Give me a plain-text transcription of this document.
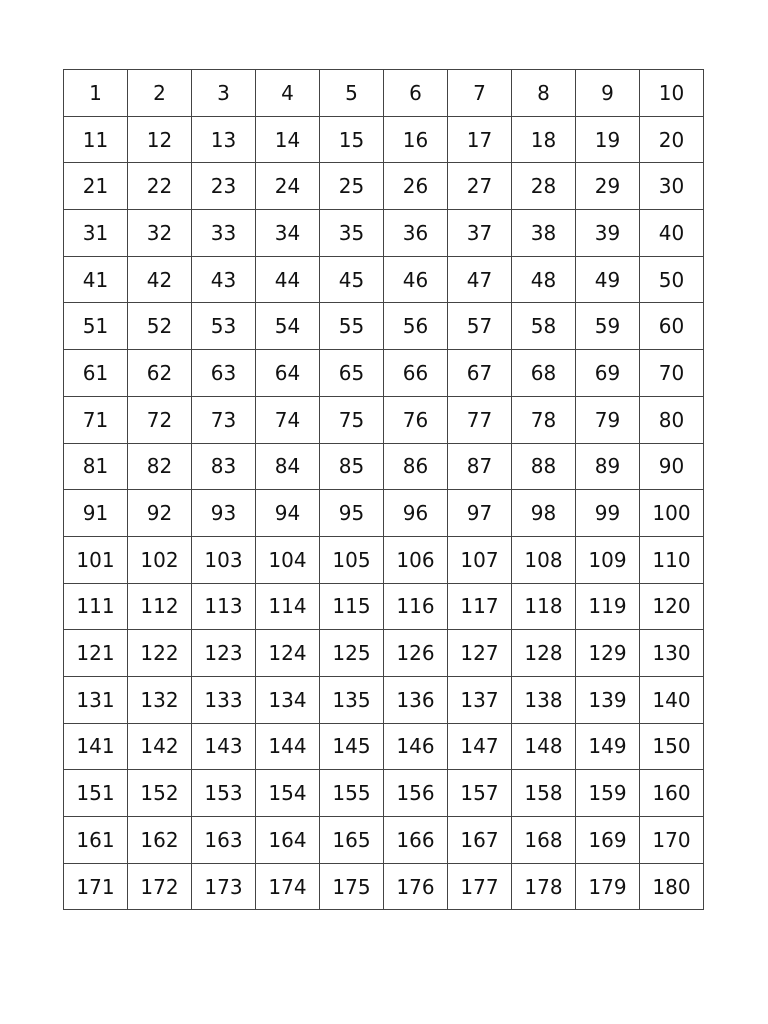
1	2	3	4	5	6	7	8	9	10
11	12	13	14	15	16	17	18	19	20
21	22	23	24	25	26	27	28	29	30
31	32	33	34	35	36	37	38	39	40
41	42	43	44	45	46	47	48	49	50
51	52	53	54	55	56	57	58	59	60
61	62	63	64	65	66	67	68	69	70
71	72	73	74	75	76	77	78	79	80
81	82	83	84	85	86	87	88	89	90
91	92	93	94	95	96	97	98	99	100
101	102	103	104	105	106	107	108	109	110
111	112	113	114	115	116	117	118	119	120
121	122	123	124	125	126	127	128	129	130
131	132	133	134	135	136	137	138	139	140
141	142	143	144	145	146	147	148	149	150
151	152	153	154	155	156	157	158	159	160
161	162	163	164	165	166	167	168	169	170
171	172	173	174	175	176	177	178	179	180
